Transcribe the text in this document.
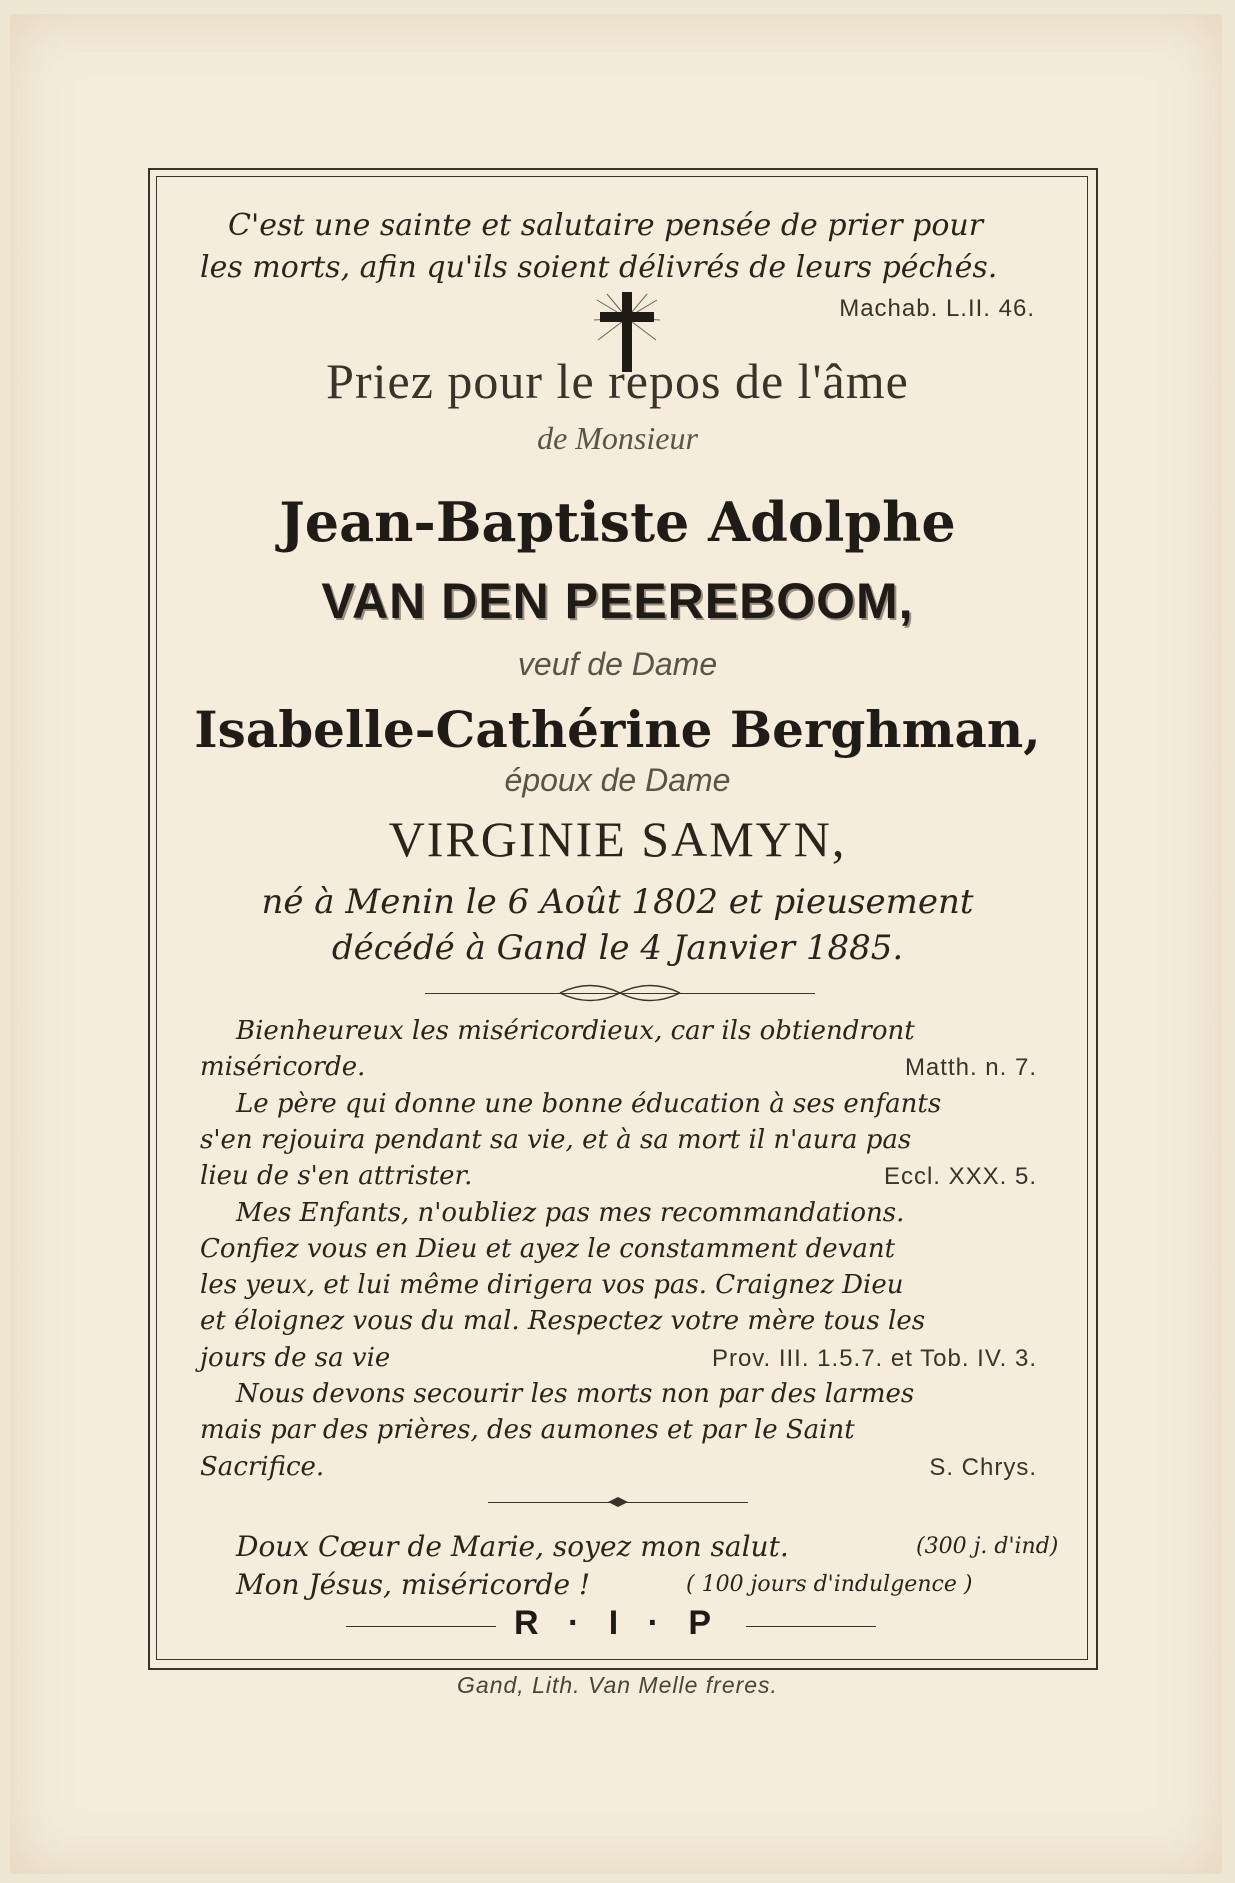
C'est une sainte et salutaire pensée de prier pour

les morts, afin qu'ils soient délivrés de leurs péchés.

Machab. L.II. 46.

Priez pour le repos de l'âme

de Monsieur

Jean-Baptiste Adolphe

VAN DEN PEEREBOOM,

veuf de Dame

Isabelle-Cathérine Berghman,

époux de Dame

VIRGINIE SAMYN,

né à Menin le 6 Août 1802 et pieusement

décédé à Gand le 4 Janvier 1885.

Bienheureux les miséricordieux, car ils obtiendront

miséricorde.	Matth. n. 7.

Le père qui donne une bonne éducation à ses enfants

s'en rejouira pendant sa vie, et à sa mort il n'aura pas

lieu de s'en attrister.	Eccl. XXX. 5.

Mes Enfants, n'oubliez pas mes recommandations.

Confiez vous en Dieu et ayez le constamment devant

les yeux, et lui même dirigera vos pas. Craignez Dieu

et éloignez vous du mal. Respectez votre mère tous les

jours de sa vie	Prov. III. 1.5.7. et Tob. IV. 3.

Nous devons secourir les morts non par des larmes

mais par des prières, des aumones et par le Saint

Sacrifice.	S. Chrys.

Doux Cœur de Marie, soyez mon salut.	(300 j. d'ind)

Mon Jésus, miséricorde !	( 100 jours d'indulgence )

R · I · P

Gand, Lith. Van Melle freres.
